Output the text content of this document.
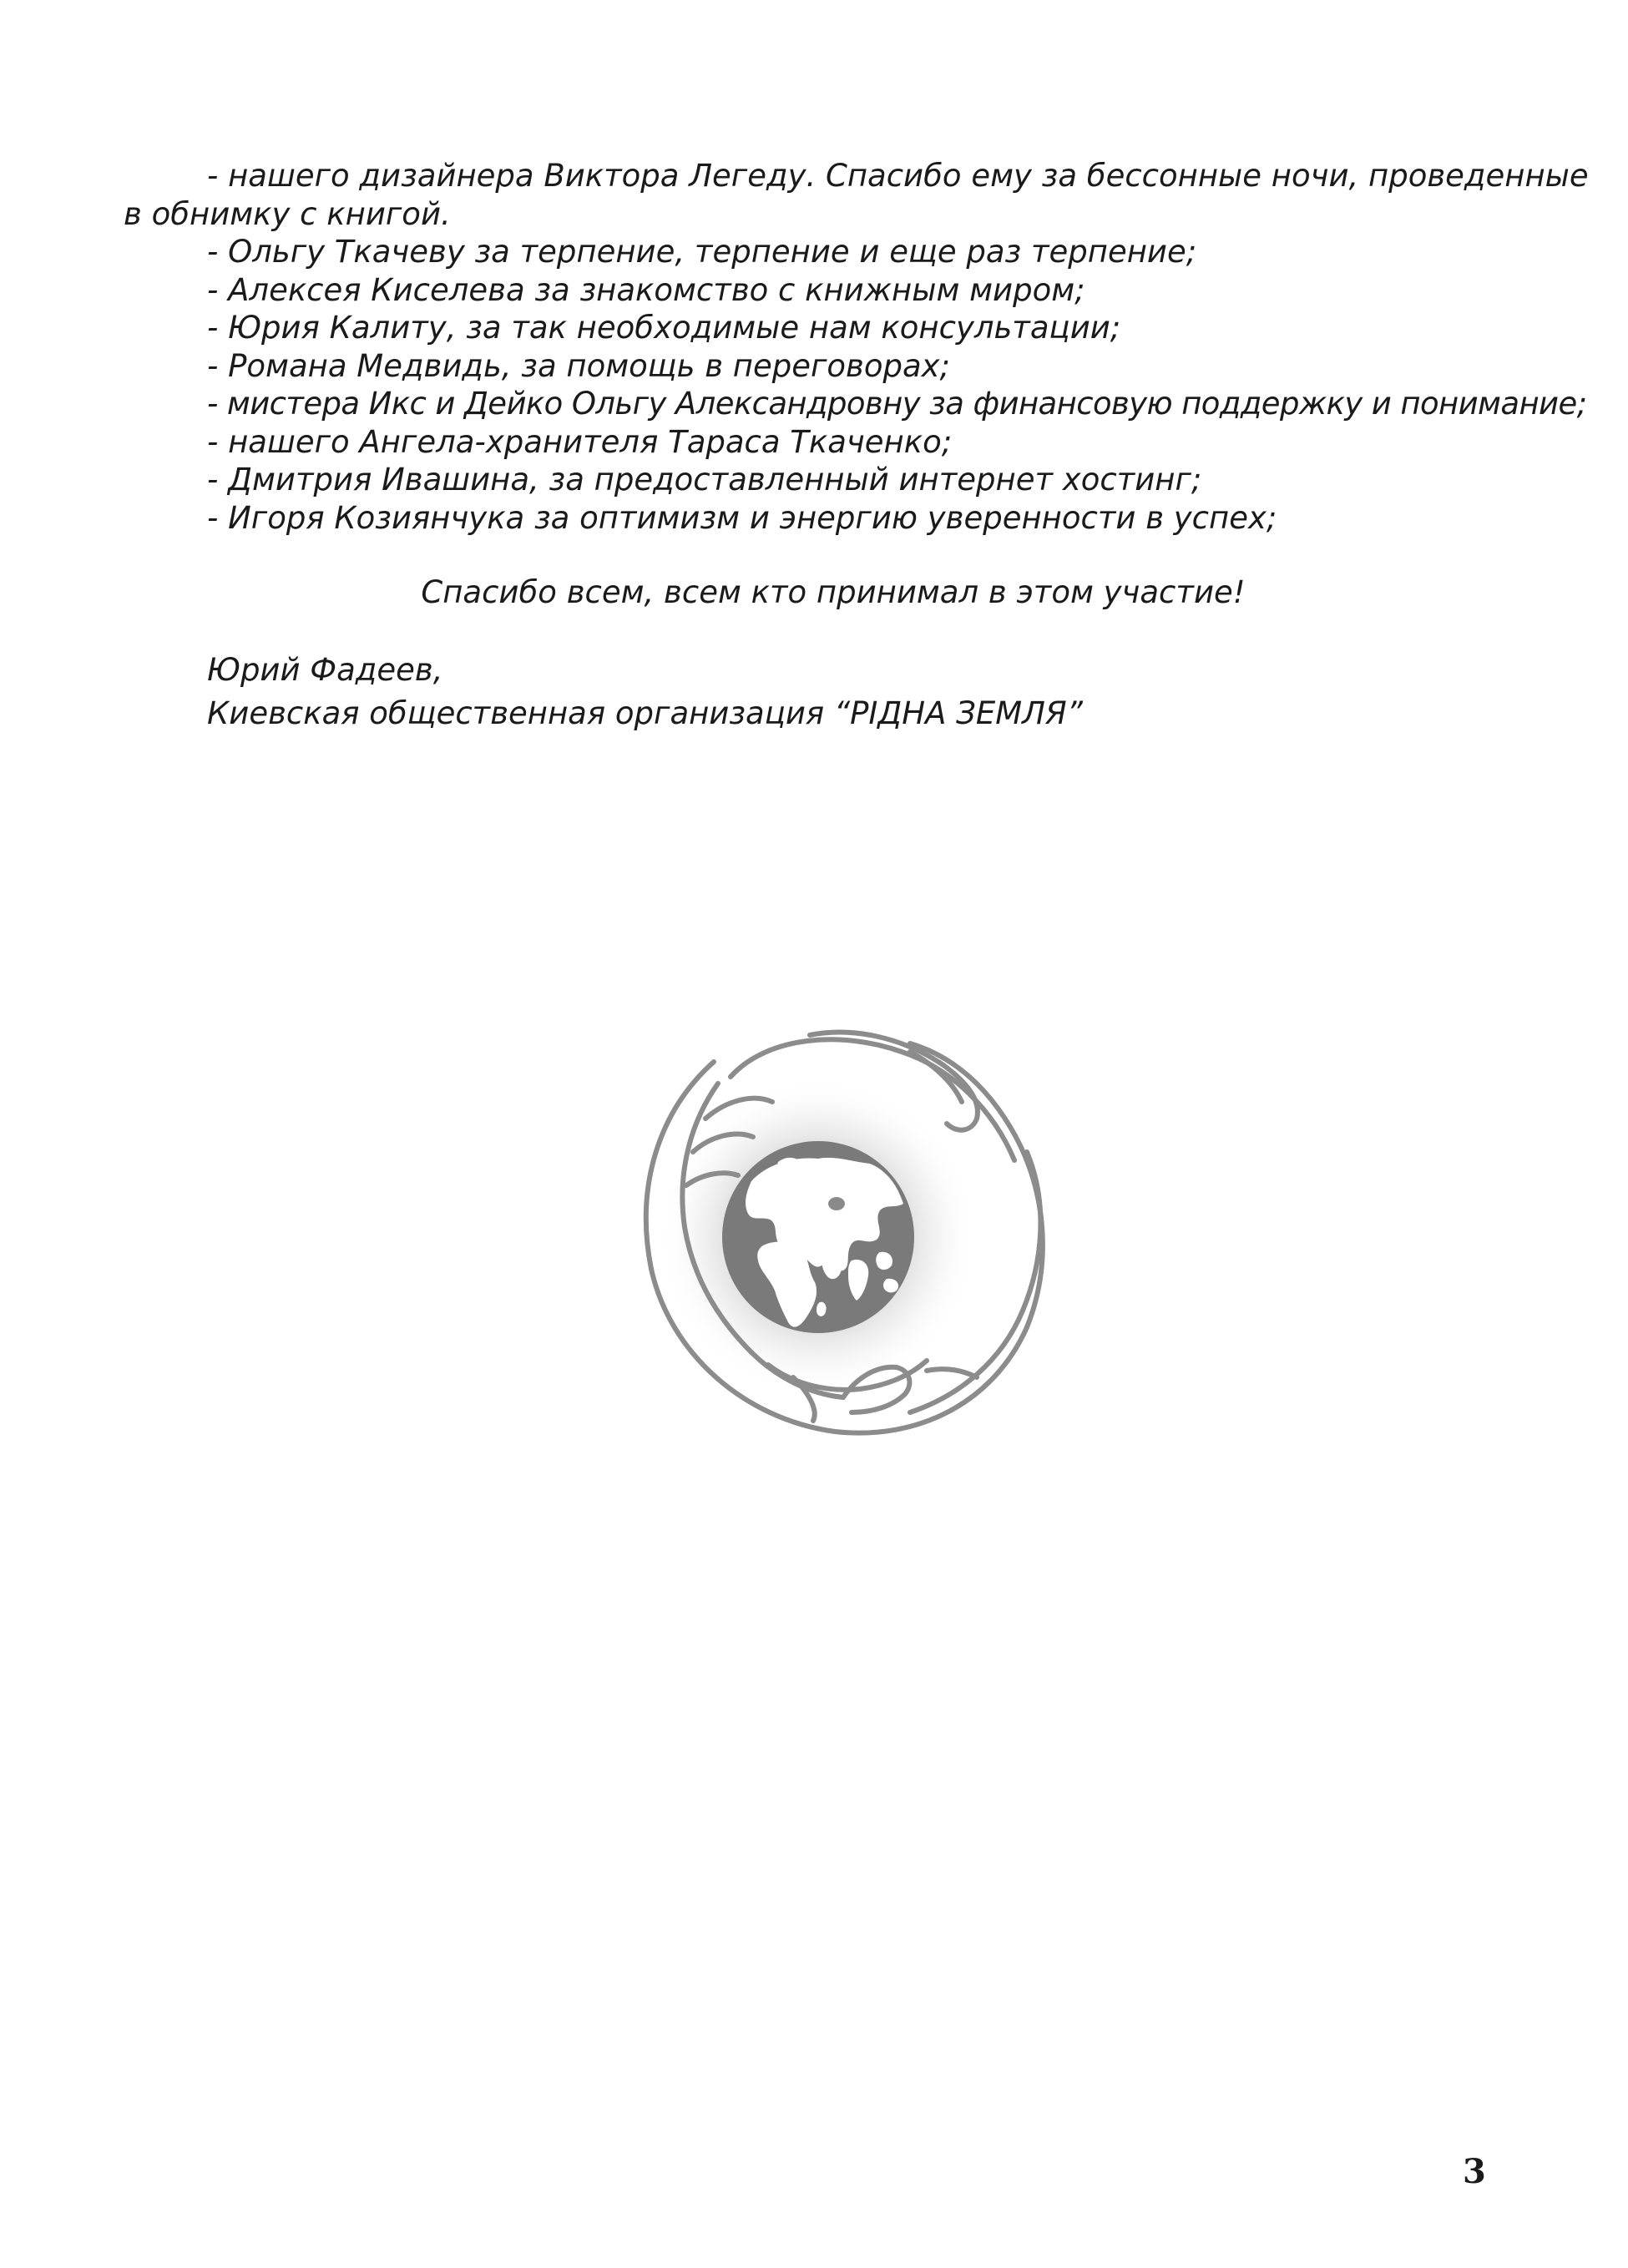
- нашего дизайнера Виктора Легеду. Спасибо ему за бессонные ночи, проведенные
в обнимку с книгой.
- Ольгу Ткачеву за терпение, терпение и еще раз терпение;
- Алексея Киселева за знакомство с книжным миром;
- Юрия Калиту, за так необходимые нам консультации;
- Романа Медвидь, за помощь в переговорах;
- мистера Икс и Дейко Ольгу Александровну за финансовую поддержку и понимание;
- нашего Ангела-хранителя Тараса Ткаченко;
- Дмитрия Ивашина, за предоставленный интернет хостинг;
- Игоря Козиянчука за оптимизм и энергию уверенности в успех;
Спасибо всем, всем кто принимал в этом участие!
Юрий Фадеев,
Киевская общественная организация “РІДНА ЗЕМЛЯ”
3
